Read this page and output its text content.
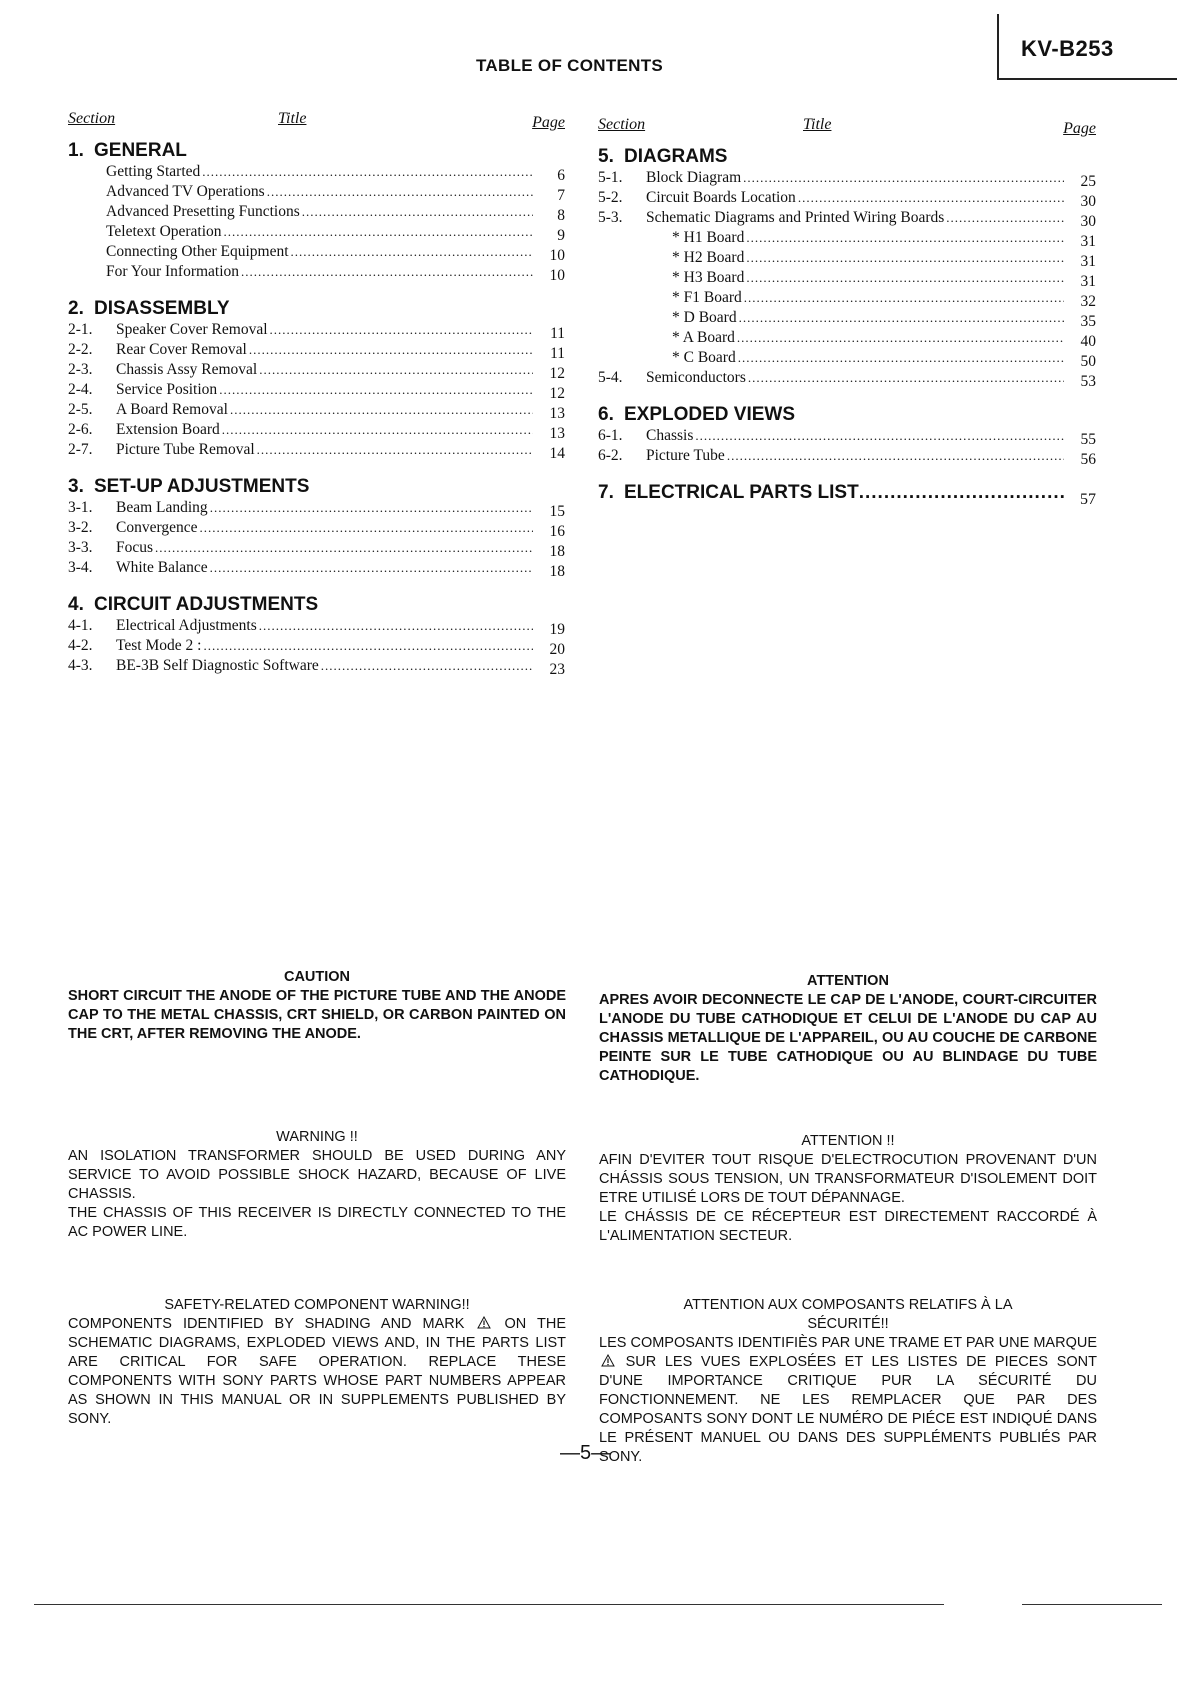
KV-B253
TABLE OF CONTENTS
Section	Title	Page
1. GENERAL
Getting Started .....	6
Advanced TV Operations .....	7
Advanced Presetting Functions .....	8
Teletext Operation .....	9
Connecting Other Equipment .....	10
For Your Information .....	10
2. DISASSEMBLY
2-1.	Speaker Cover Removal .....	11
2-2.	Rear Cover Removal .....	11
2-3.	Chassis Assy Removal .....	12
2-4.	Service Position .....	12
2-5.	A Board Removal .....	13
2-6.	Extension Board .....	13
2-7.	Picture Tube Removal .....	14
3. SET-UP ADJUSTMENTS
3-1.	Beam Landing .....	15
3-2.	Convergence .....	16
3-3.	Focus .....	18
3-4.	White Balance .....	18
4. CIRCUIT ADJUSTMENTS
4-1.	Electrical Adjustments .....	19
4-2.	Test Mode 2 : .....	20
4-3.	BE-3B Self Diagnostic Software .....	23
Section	Title	Page
5. DIAGRAMS
5-1.	Block Diagram .....	25
5-2.	Circuit Boards Location .....	30
5-3.	Schematic Diagrams and Printed Wiring Boards .....	30
* H1 Board .....	31
* H2 Board .....	31
* H3 Board .....	31
* F1 Board .....	32
* D Board .....	35
* A Board .....	40
* C Board .....	50
5-4.	Semiconductors .....	53
6. EXPLODED VIEWS
6-1.	Chassis .....	55
6-2.	Picture Tube .....	56
7. ELECTRICAL PARTS LIST .....	57
CAUTION
SHORT CIRCUIT THE ANODE OF THE PICTURE TUBE AND THE ANODE CAP TO THE METAL CHASSIS, CRT SHIELD, OR CARBON PAINTED ON THE CRT, AFTER REMOVING THE ANODE.
ATTENTION
APRES AVOIR DECONNECTE LE CAP DE L'ANODE, COURT-CIRCUITER L'ANODE DU TUBE CATHODIQUE ET CELUI DE L'ANODE DU CAP AU CHASSIS METALLIQUE DE L'APPAREIL, OU AU COUCHE DE CARBONE PEINTE SUR LE TUBE CATHODIQUE OU AU BLINDAGE DU TUBE CATHODIQUE.
WARNING !!
AN ISOLATION TRANSFORMER SHOULD BE USED DURING ANY SERVICE TO AVOID POSSIBLE SHOCK HAZARD, BECAUSE OF LIVE CHASSIS.
THE CHASSIS OF THIS RECEIVER IS DIRECTLY CONNECTED TO THE AC POWER LINE.
ATTENTION !!
AFIN D'EVITER TOUT RISQUE D'ELECTROCUTION PROVENANT D'UN CHÁSSIS SOUS TENSION, UN TRANSFORMATEUR D'ISOLEMENT DOIT ETRE UTILISÉ LORS DE TOUT DÉPANNAGE.
LE CHÁSSIS DE CE RÉCEPTEUR EST DIRECTEMENT RACCORDÉ À L'ALIMENTATION SECTEUR.
SAFETY-RELATED COMPONENT WARNING!!
COMPONENTS IDENTIFIED BY SHADING AND MARK	ON THE SCHEMATIC DIAGRAMS, EXPLODED VIEWS AND, IN THE PARTS LIST ARE CRITICAL FOR SAFE OPERATION. REPLACE THESE COMPONENTS WITH SONY PARTS WHOSE PART NUMBERS APPEAR AS SHOWN IN THIS MANUAL OR IN SUPPLEMENTS PUBLISHED BY SONY.
ATTENTION AUX COMPOSANTS RELATIFS À LA SÉCURITÉ!!
LES COMPOSANTS IDENTIFIÈS PAR UNE TRAME ET PAR UNE MARQUE
SUR LES VUES EXPLOSÉES ET LES LISTES DE PIECES SONT D'UNE IMPORTANCE CRITIQUE PUR LA SÉCURITÉ DU FONCTIONNEMENT. NE LES REMPLACER QUE PAR DES COMPOSANTS SONY DONT LE NUMÉRO DE PIÉCE EST INDIQUÉ DANS LE PRÉSENT MANUEL OU DANS DES SUPPLÉMENTS PUBLIÉS PAR SONY.
—5—
